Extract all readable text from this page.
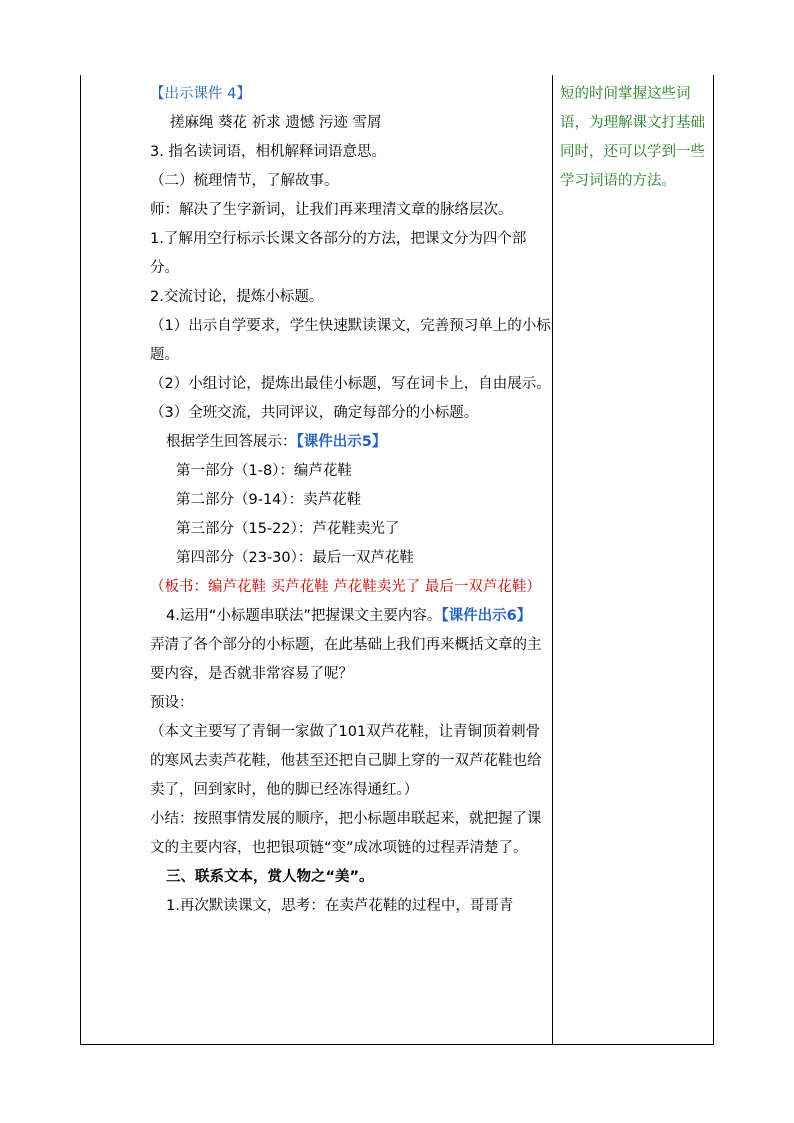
【出示课件 4】
搓麻绳 葵花 祈求 遗憾 污迹 雪屑
3. 指名读词语，相机解释词语意思。
（二）梳理情节，了解故事。
师：解决了生字新词，让我们再来理清文章的脉络层次。
1.了解用空行标示长课文各部分的方法，把课文分为四个部分。
2.交流讨论，提炼小标题。
（1）出示自学要求，学生快速默读课文，完善预习单上的小标题。
（2）小组讨论，提炼出最佳小标题，写在词卡上，自由展示。
（3）全班交流，共同评议，确定每部分的小标题。
根据学生回答展示：【课件出示5】
第一部分（1-8）：编芦花鞋
第二部分（9-14）：卖芦花鞋
第三部分（15-22）：芦花鞋卖光了
第四部分（23-30）：最后一双芦花鞋
（板书：编芦花鞋 买芦花鞋 芦花鞋卖光了 最后一双芦花鞋）
4.运用“小标题串联法”把握课文主要内容。【课件出示6】
弄清了各个部分的小标题，在此基础上我们再来概括文章的主要内容，是否就非常容易了呢？
预设：
（本文主要写了青铜一家做了101双芦花鞋，让青铜顶着刺骨的寒风去卖芦花鞋，他甚至还把自己脚上穿的一双芦花鞋也给卖了，回到家时，他的脚已经冻得通红。）
小结：按照事情发展的顺序，把小标题串联起来，就把握了课文的主要内容，也把银项链“变”成冰项链的过程弄清楚了。
三、联系文本，赏人物之“美”。
1.再次默读课文，思考：在卖芦花鞋的过程中，哥哥青
短的时间掌握这些词语，为理解课文打基础同时，还可以学到一些学习词语的方法。
